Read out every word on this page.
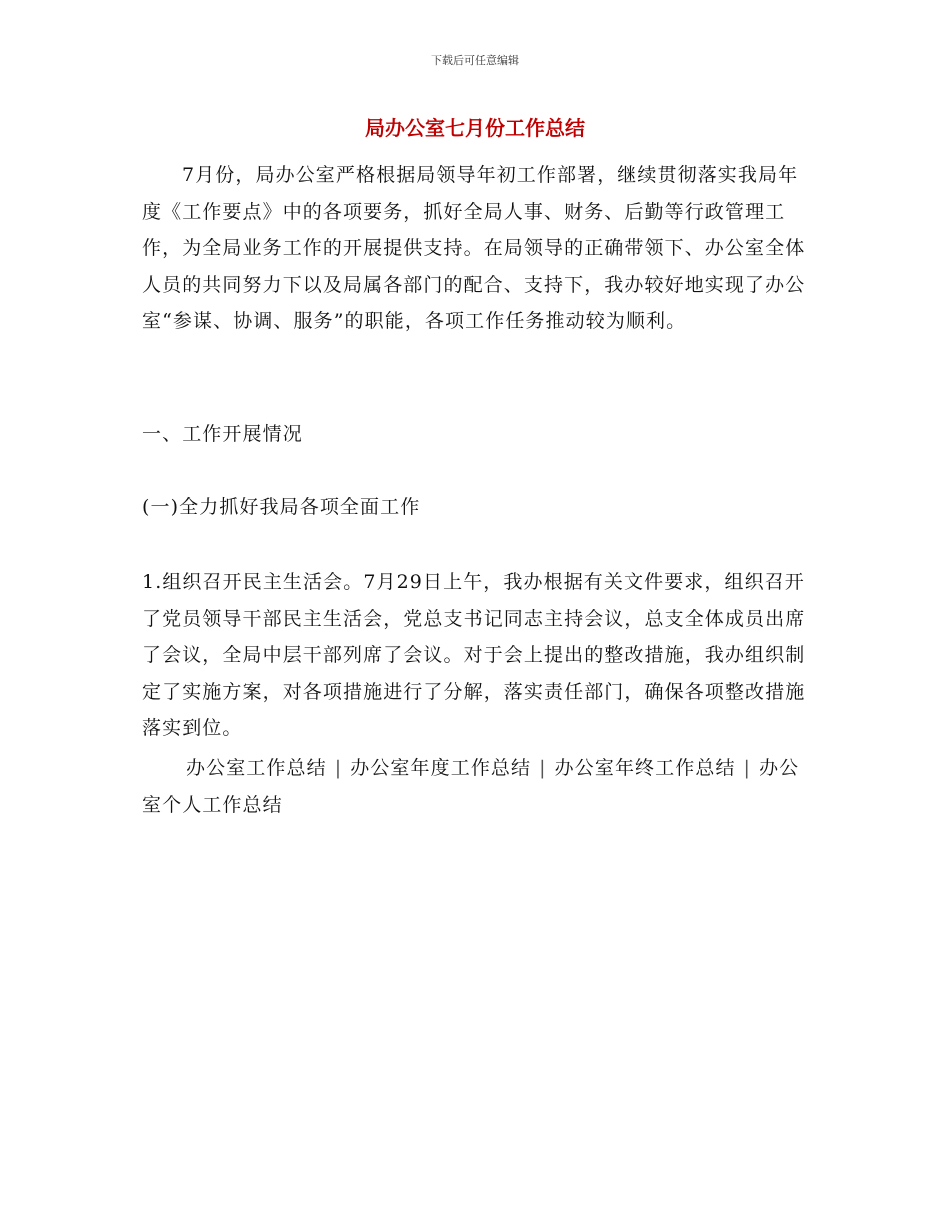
下载后可任意编辑
局办公室七月份工作总结

7月份，局办公室严格根据局领导年初工作部署，继续贯彻落实我局年度《工作要点》中的各项要务，抓好全局人事、财务、后勤等行政管理工作，为全局业务工作的开展提供支持。在局领导的正确带领下、办公室全体人员的共同努力下以及局属各部门的配合、支持下，我办较好地实现了办公室“参谋、协调、服务”的职能，各项工作任务推动较为顺利。

一、工作开展情况

(一)全力抓好我局各项全面工作

1.组织召开民主生活会。7月29日上午，我办根据有关文件要求，组织召开了党员领导干部民主生活会，党总支书记同志主持会议，总支全体成员出席了会议，全局中层干部列席了会议。对于会上提出的整改措施，我办组织制定了实施方案，对各项措施进行了分解，落实责任部门，确保各项整改措施落实到位。

办公室工作总结 | 办公室年度工作总结 | 办公室年终工作总结 | 办公室个人工作总结
